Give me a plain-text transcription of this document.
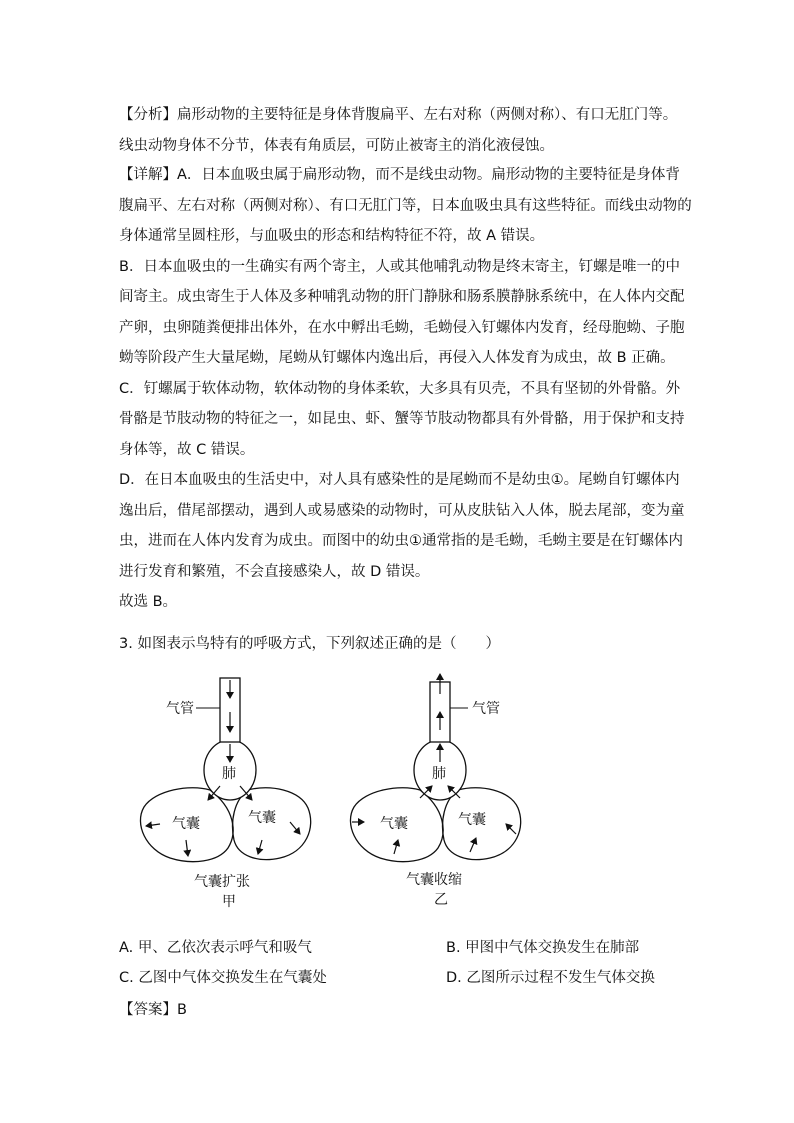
【分析】扁形动物的主要特征是身体背腹扁平、左右对称（两侧对称）、有口无肛门等。
线虫动物身体不分节，体表有角质层，可防止被寄主的消化液侵蚀。
【详解】A．日本血吸虫属于扁形动物，而不是线虫动物。扁形动物的主要特征是身体背
腹扁平、左右对称（两侧对称）、有口无肛门等，日本血吸虫具有这些特征。而线虫动物的
身体通常呈圆柱形，与血吸虫的形态和结构特征不符，故 A 错误。
B．日本血吸虫的一生确实有两个寄主，人或其他哺乳动物是终末寄主，钉螺是唯一的中
间寄主。成虫寄生于人体及多种哺乳动物的肝门静脉和肠系膜静脉系统中，在人体内交配
产卵，虫卵随粪便排出体外，在水中孵出毛蚴，毛蚴侵入钉螺体内发育，经母胞蚴、子胞
蚴等阶段产生大量尾蚴，尾蚴从钉螺体内逸出后，再侵入人体发育为成虫，故 B 正确。
C．钉螺属于软体动物，软体动物的身体柔软，大多具有贝壳，不具有坚韧的外骨骼。外
骨骼是节肢动物的特征之一，如昆虫、虾、蟹等节肢动物都具有外骨骼，用于保护和支持
身体等，故 C 错误。
D．在日本血吸虫的生活史中，对人具有感染性的是尾蚴而不是幼虫①。尾蚴自钉螺体内
逸出后，借尾部摆动，遇到人或易感染的动物时，可从皮肤钻入人体，脱去尾部，变为童
虫，进而在人体内发育为成虫。而图中的幼虫①通常指的是毛蚴，毛蚴主要是在钉螺体内
进行发育和繁殖，不会直接感染人，故 D 错误。
故选 B。
3. 如图表示鸟特有的呼吸方式，下列叙述正确的是（　　）
气管
肺
气囊	气囊
气囊扩张
甲
气管
肺
气囊	气囊
气囊收缩
乙
A. 甲、乙依次表示呼气和吸气	B. 甲图中气体交换发生在肺部
C. 乙图中气体交换发生在气囊处	D. 乙图所示过程不发生气体交换
【答案】B
